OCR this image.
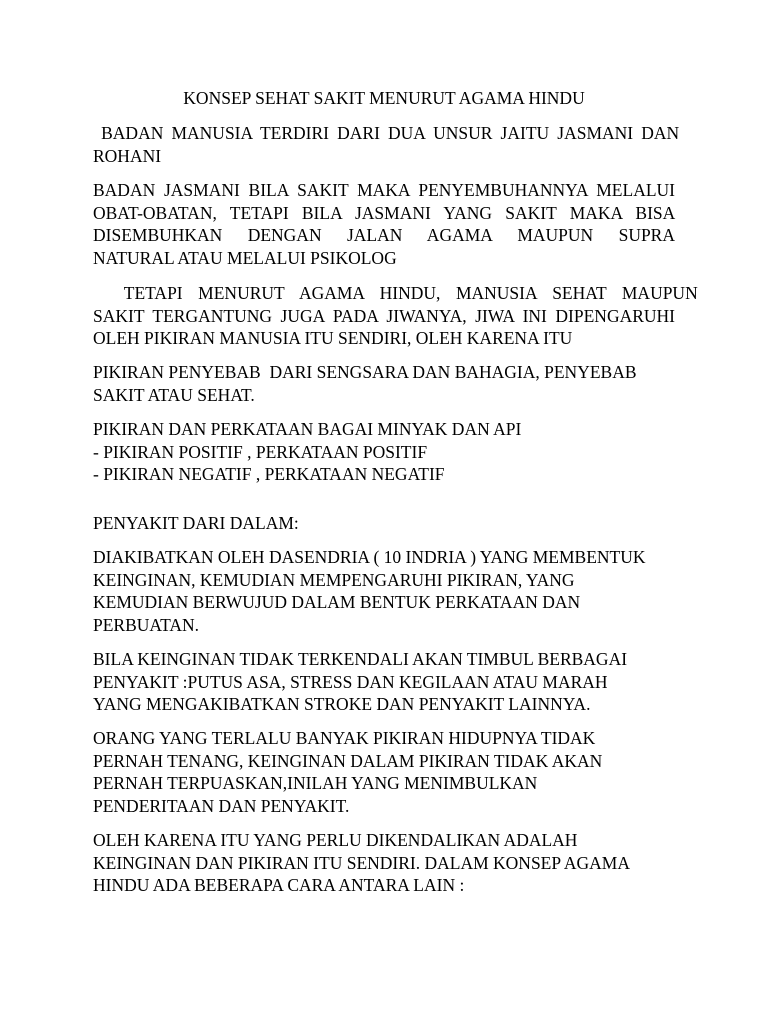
KONSEP SEHAT SAKIT MENURUT AGAMA HINDU
BADAN MANUSIA TERDIRI DARI DUA UNSUR JAITU JASMANI DAN
ROHANI
BADAN JASMANI BILA SAKIT MAKA PENYEMBUHANNYA MELALUI
OBAT-OBATAN, TETAPI BILA JASMANI YANG SAKIT MAKA BISA
DISEMBUHKAN DENGAN JALAN AGAMA MAUPUN SUPRA
NATURAL ATAU MELALUI PSIKOLOG
TETAPI MENURUT AGAMA HINDU, MANUSIA SEHAT MAUPUN
SAKIT TERGANTUNG JUGA PADA JIWANYA, JIWA INI DIPENGARUHI
OLEH PIKIRAN MANUSIA ITU SENDIRI, OLEH KARENA ITU
PIKIRAN PENYEBAB  DARI SENGSARA DAN BAHAGIA, PENYEBAB
SAKIT ATAU SEHAT.
PIKIRAN DAN PERKATAAN BAGAI MINYAK DAN API
- PIKIRAN POSITIF , PERKATAAN POSITIF
- PIKIRAN NEGATIF , PERKATAAN NEGATIF
PENYAKIT DARI DALAM:
DIAKIBATKAN OLEH DASENDRIA ( 10 INDRIA ) YANG MEMBENTUK
KEINGINAN, KEMUDIAN MEMPENGARUHI PIKIRAN, YANG
KEMUDIAN BERWUJUD DALAM BENTUK PERKATAAN DAN
PERBUATAN.
BILA KEINGINAN TIDAK TERKENDALI AKAN TIMBUL BERBAGAI
PENYAKIT :PUTUS ASA, STRESS DAN KEGILAAN ATAU MARAH
YANG MENGAKIBATKAN STROKE DAN PENYAKIT LAINNYA.
ORANG YANG TERLALU BANYAK PIKIRAN HIDUPNYA TIDAK
PERNAH TENANG, KEINGINAN DALAM PIKIRAN TIDAK AKAN
PERNAH TERPUASKAN,INILAH YANG MENIMBULKAN
PENDERITAAN DAN PENYAKIT.
OLEH KARENA ITU YANG PERLU DIKENDALIKAN ADALAH
KEINGINAN DAN PIKIRAN ITU SENDIRI. DALAM KONSEP AGAMA
HINDU ADA BEBERAPA CARA ANTARA LAIN :
